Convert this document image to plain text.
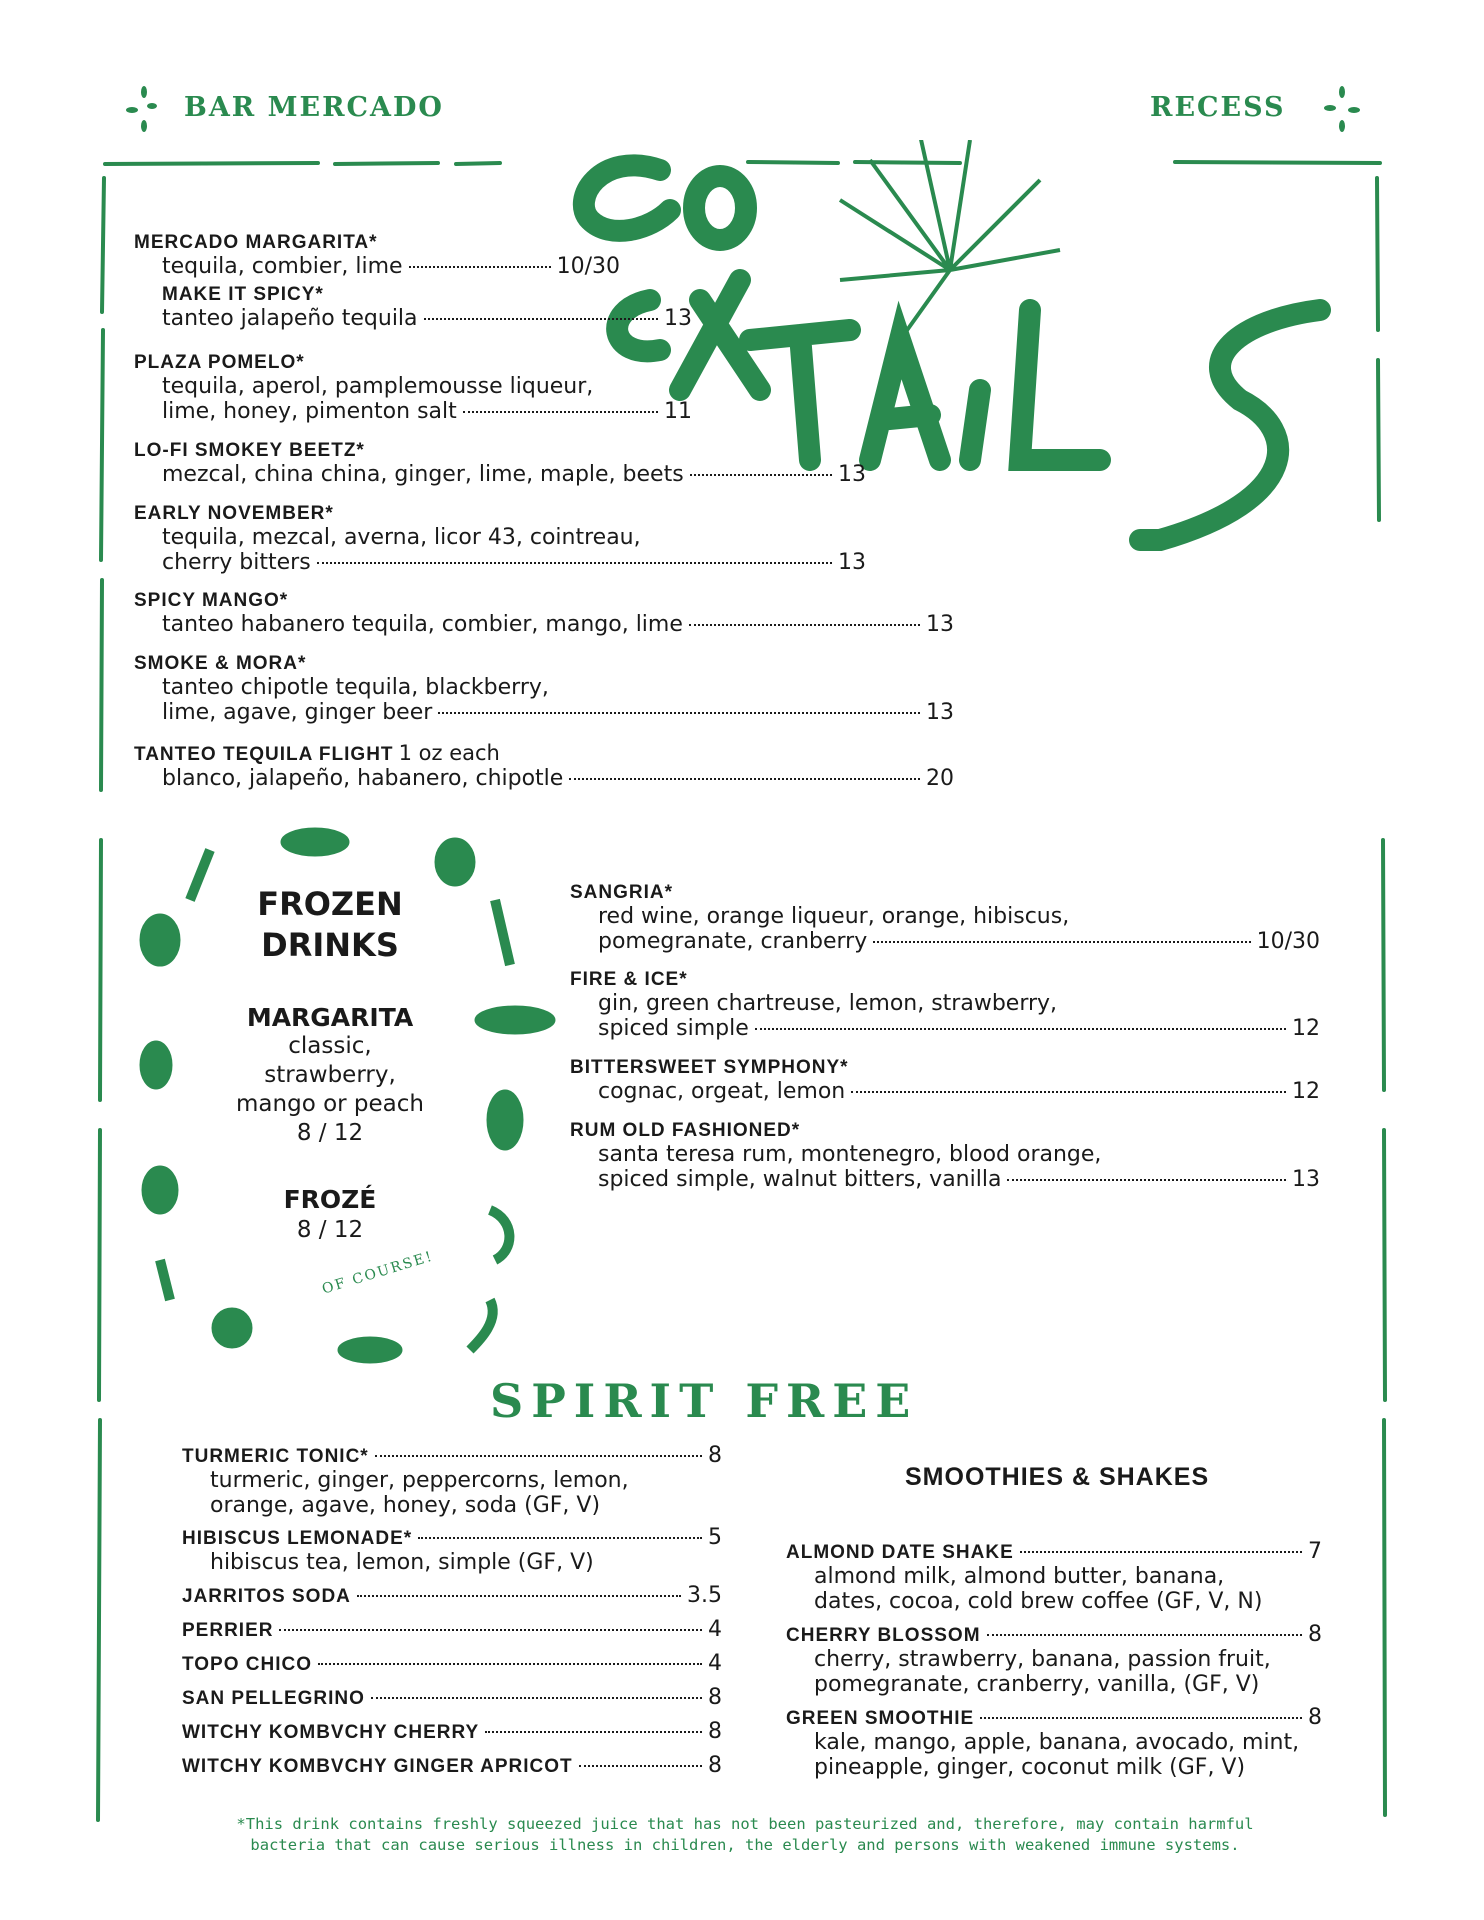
BAR MERCADO	RECESS
MERCADO MARGARITA*
tequila, combier, lime	10/30
MAKE IT SPICY*
tanteo jalapeño tequila	13
PLAZA POMELO*
tequila, aperol, pamplemousse liqueur,
lime, honey, pimenton salt	11
LO-FI SMOKEY BEETZ*
mezcal, china china, ginger, lime, maple, beets	13
EARLY NOVEMBER*
tequila, mezcal, averna, licor 43, cointreau,
cherry bitters	13
SPICY MANGO*
tanteo habanero tequila, combier, mango, lime	13
SMOKE & MORA*
tanteo chipotle tequila, blackberry,
lime, agave, ginger beer	13
TANTEO TEQUILA FLIGHT 1 oz each
blanco, jalapeño, habanero, chipotle	20
FROZEN
DRINKS
MARGARITA
classic,
strawberry,
mango or peach
8 / 12
FROZÉ
8 / 12
OF COURSE!
SANGRIA*
red wine, orange liqueur, orange, hibiscus,
pomegranate, cranberry	10/30
FIRE & ICE*
gin, green chartreuse, lemon, strawberry,
spiced simple	12
BITTERSWEET SYMPHONY*
cognac, orgeat, lemon	12
RUM OLD FASHIONED*
santa teresa rum, montenegro, blood orange,
spiced simple, walnut bitters, vanilla	13
SPIRIT FREE
TURMERIC TONIC*	8
turmeric, ginger, peppercorns, lemon,
orange, agave, honey, soda (GF, V)
HIBISCUS LEMONADE*	5
hibiscus tea, lemon, simple (GF, V)
JARRITOS SODA	3.5
PERRIER	4
TOPO CHICO	4
SAN PELLEGRINO	8
WITCHY KOMBVCHY CHERRY	8
WITCHY KOMBVCHY GINGER APRICOT	8
SMOOTHIES & SHAKES
ALMOND DATE SHAKE	7
almond milk, almond butter, banana,
dates, cocoa, cold brew coffee (GF, V, N)
CHERRY BLOSSOM	8
cherry, strawberry, banana, passion fruit,
pomegranate, cranberry, vanilla, (GF, V)
GREEN SMOOTHIE	8
kale, mango, apple, banana, avocado, mint,
pineapple, ginger, coconut milk (GF, V)
*This drink contains freshly squeezed juice that has not been pasteurized and, therefore, may contain harmful
bacteria that can cause serious illness in children, the elderly and persons with weakened immune systems.
